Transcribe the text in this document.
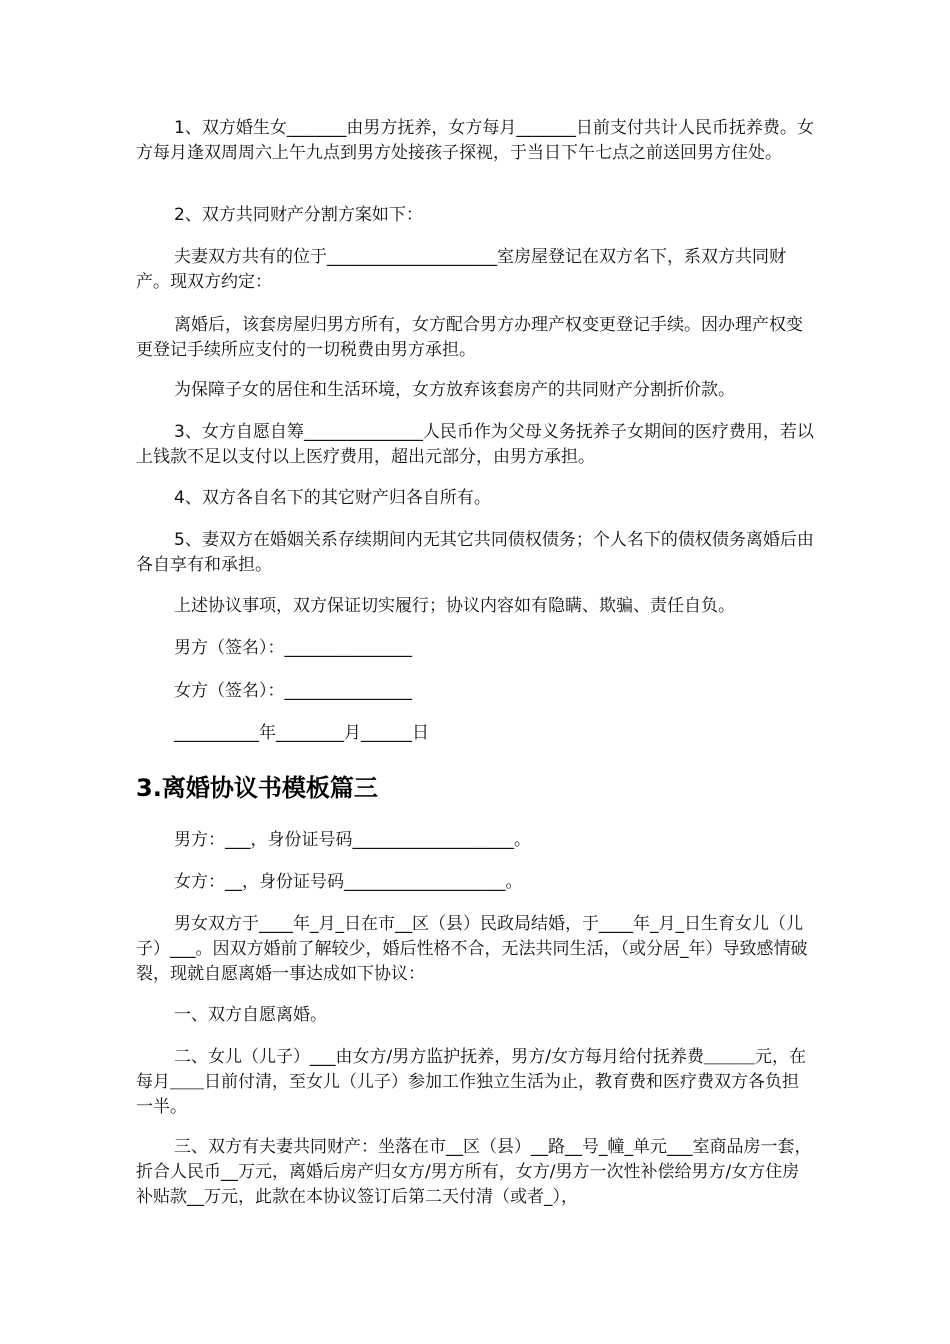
1、双方婚生女_______由男方抚养，女方每月_______日前支付共计人民币抚养费。女方每月逢双周周六上午九点到男方处接孩子探视，于当日下午七点之前送回男方住处。

2、双方共同财产分割方案如下：

夫妻双方共有的位于____________________室房屋登记在双方名下，系双方共同财产。现双方约定：

离婚后，该套房屋归男方所有，女方配合男方办理产权变更登记手续。因办理产权变更登记手续所应支付的一切税费由男方承担。

为保障子女的居住和生活环境，女方放弃该套房产的共同财产分割折价款。

3、女方自愿自筹______________人民币作为父母义务抚养子女期间的医疗费用，若以上钱款不足以支付以上医疗费用，超出元部分，由男方承担。

4、双方各自名下的其它财产归各自所有。

5、妻双方在婚姻关系存续期间内无其它共同债权债务；个人名下的债权债务离婚后由各自享有和承担。

上述协议事项，双方保证切实履行；协议内容如有隐瞒、欺骗、责任自负。

男方（签名）：_______________

女方（签名）：_______________

__________年________月______日

3.离婚协议书模板篇三

男方：___，身份证号码___________________。

女方：__，身份证号码___________________。

男女双方于____年_月_日在市__区（县）民政局结婚，于____年_月_日生育女儿（儿子）___。因双方婚前了解较少，婚后性格不合，无法共同生活，（或分居_年）导致感情破裂，现就自愿离婚一事达成如下协议：

一、双方自愿离婚。

二、女儿（儿子）___由女方/男方监护抚养，男方/女方每月给付抚养费＿＿＿元，在每月＿＿日前付清，至女儿（儿子）参加工作独立生活为止，教育费和医疗费双方各负担一半。

三、双方有夫妻共同财产：坐落在市__区（县）__路__号_幢_单元___室商品房一套，折合人民币__万元，离婚后房产归女方/男方所有，女方/男方一次性补偿给男方/女方住房补贴款__万元，此款在本协议签订后第二天付清（或者_），
